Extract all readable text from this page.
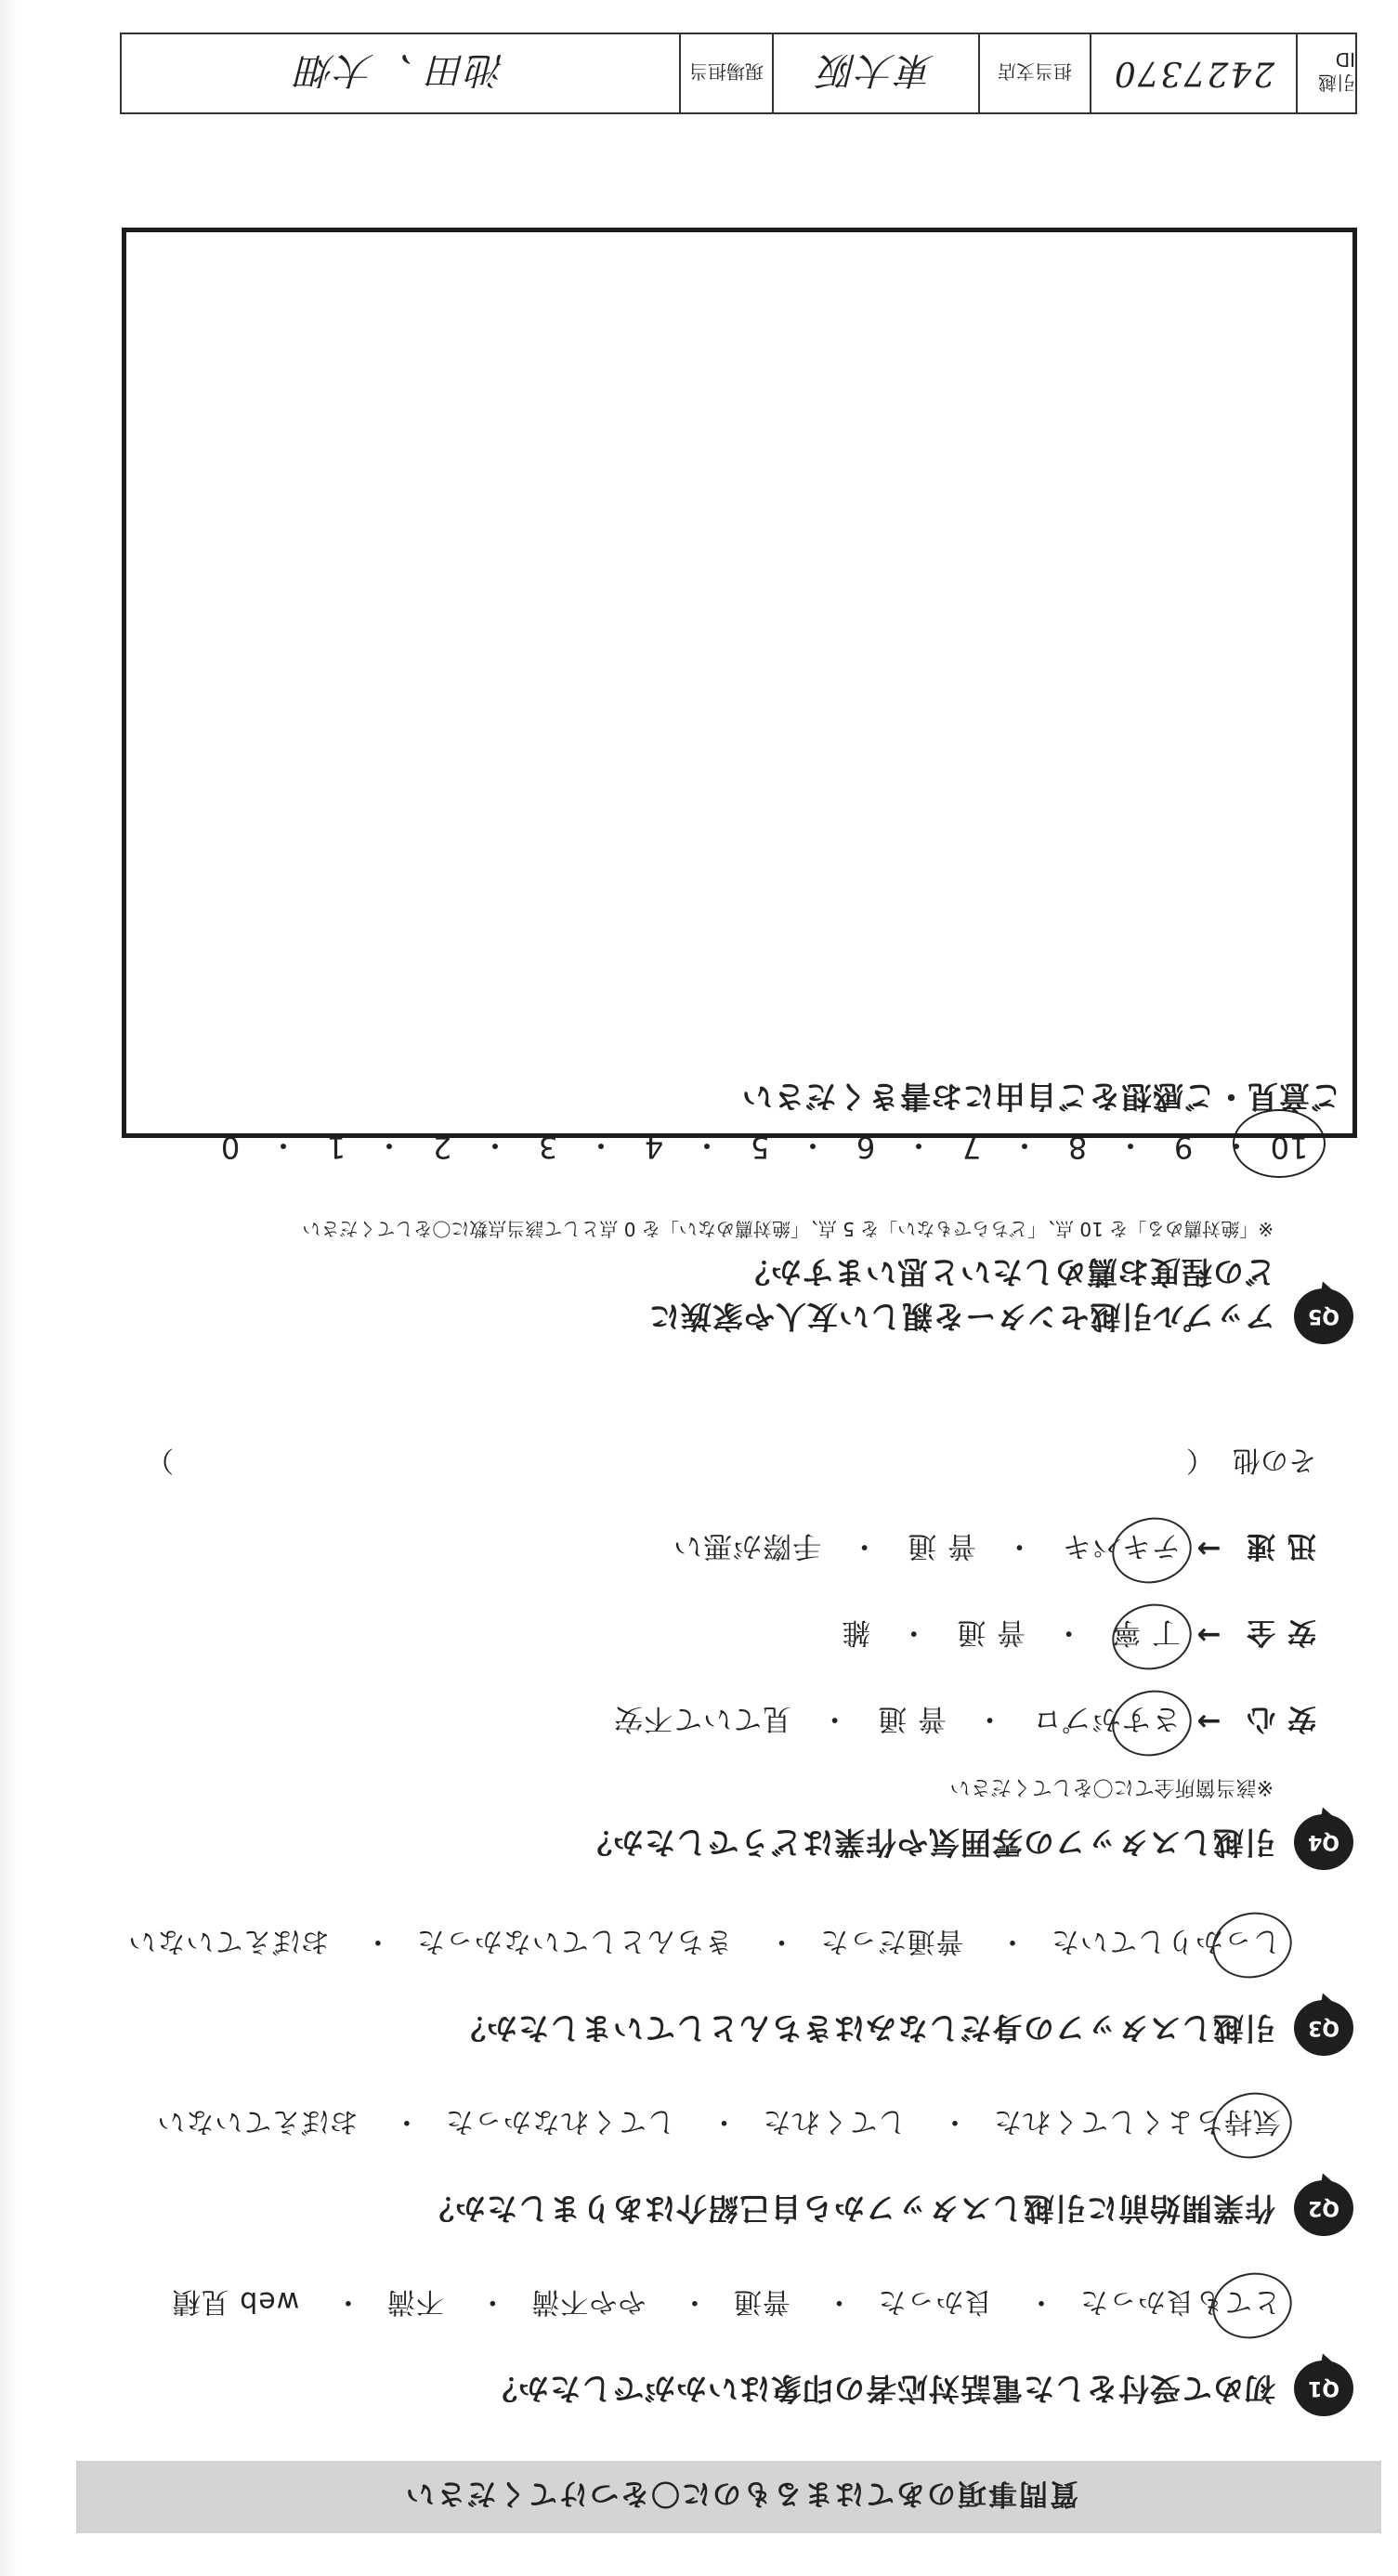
質問事項のあてはまるものに〇をつけてください
Q1
初めて受付をした電話対応者の印象はいかがでしたか？
とても良かった・ 良かった・ 普通・ やや不満・ 不満・ web 見積
Q2
作業開始前に引越しスタッフから自己紹介はありましたか？
気持ちよくしてくれた・ してくれた・ してくれなかった・ おぼえていない
Q3
引越しスタッフの身だしなみはきちんとしていましたか？
しっかりしていた・ 普通だった・ きちんとしていなかった・ おぼえていない
Q4
引越しスタッフの雰囲気や作業はどうでしたか？
※該当箇所全てに〇をしてください
安 心
→
さすがプロ
・
普 通
・
見ていて不安
安 全
→
丁 寧
・
普 通
・
雑
迅 速
→
テキパキ
・
普 通
・
手際が悪い
その他（）
Q5
アップル引越センターを親しい友人や家族に
どの程度お薦めしたいと思いますか？
※「絶対薦める」を 10 点、「どちらでもない」を 5 点、「絶対薦めない」を 0 点として該当点数に〇をしてください
10
・
9
・
8
・
7
・
6
・
5
・
4
・
3
・
2
・
1
・
0
ご意見・ご感想をご自由にお書きください
引越 ID
2427370
担当支店
東大阪
現場担当
池田 、大畑
